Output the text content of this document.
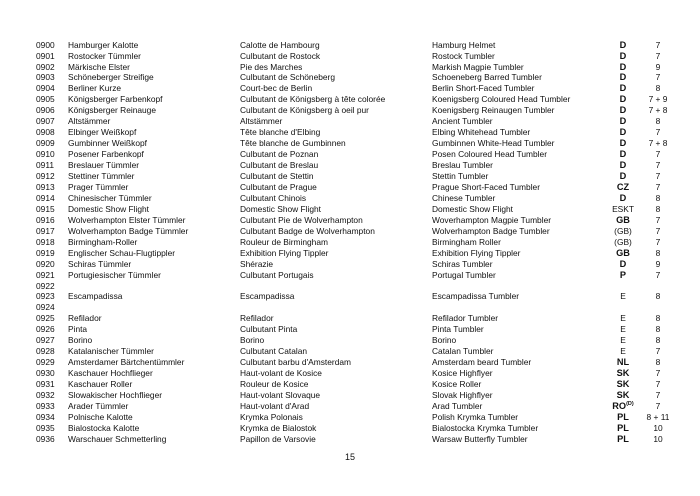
0900	Hamburger Kalotte	Calotte de Hambourg	Hamburg Helmet	D	7
0901	Rostocker Tümmler	Culbutant de Rostock	Rostock Tumbler	D	7
0902	Märkische Elster	Pie des Marches	Markish Magpie Tumbler	D	9
0903	Schöneberger Streifige	Culbutant de Schöneberg	Schoeneberg Barred Tumbler	D	7
0904	Berliner Kurze	Court-bec de Berlin	Berlin Short-Faced Tumbler	D	8
0905	Königsberger Farbenkopf	Culbutant de Königsberg à tête colorée	Koenigsberg Coloured Head Tumbler	D	7 + 9
0906	Königsberger Reinauge	Culbutant de Königsberg à oeil pur	Koenigsberg Reinaugen Tumbler	D	7 + 8
0907	Altstämmer	Altstämmer	Ancient Tumbler	D	8
0908	Elbinger Weißkopf	Tête blanche d'Elbing	Elbing Whitehead Tumbler	D	7
0909	Gumbinner Weißkopf	Tête blanche de Gumbinnen	Gumbinnen White-Head Tumbler	D	7 + 8
0910	Posener Farbenkopf	Culbutant de Poznan	Posen Coloured Head Tumbler	D	7
0911	Breslauer Tümmler	Culbutant de Breslau	Breslau Tumbler	D	7
0912	Stettiner Tümmler	Culbutant de Stettin	Stettin Tumbler	D	7
0913	Prager Tümmler	Culbutant de Prague	Prague Short-Faced Tumbler	CZ	7
0914	Chinesischer Tümmler	Culbutant Chinois	Chinese Tumbler	D	8
0915	Domestic Show Flight	Domestic Show Flight	Domestic Show Flight	ESKT	8
0916	Wolverhampton Elster Tümmler	Culbutant Pie de Wolverhampton	Woverhampton Magpie Tumbler	GB	7
0917	Wolverhampton Badge Tümmler	Culbutant Badge de Wolverhampton	Wolverhampton Badge Tumbler	(GB)	7
0918	Birmingham-Roller	Rouleur de Birmingham	Birmingham Roller	(GB)	7
0919	Englischer Schau-Flugtippler	Exhibition Flying Tippler	Exhibition Flying Tippler	GB	8
0920	Schiras Tümmler	Shérazie	Schiras Tumbler	D	9
0921	Portugiesischer Tümmler	Culbutant Portugais	Portugal Tumbler	P	7
0922
0923	Escampadissa	Escampadissa	Escampadissa Tumbler	E	8
0924
0925	Refilador	Refilador	Refilador Tumbler	E	8
0926	Pinta	Culbutant Pinta	Pinta Tumbler	E	8
0927	Borino	Borino	Borino	E	8
0928	Katalanischer Tümmler	Culbutant Catalan	Catalan Tumbler	E	7
0929	Amsterdamer Bärtchentümmler	Culbutant barbu d'Amsterdam	Amsterdam beard Tumbler	NL	8
0930	Kaschauer Hochflieger	Haut-volant de Kosice	Kosice Highflyer	SK	7
0931	Kaschauer Roller	Rouleur de Kosice	Kosice Roller	SK	7
0932	Slowakischer Hochflieger	Haut-volant Slovaque	Slovak Highflyer	SK	7
0933	Arader Tümmler	Haut-volant d'Arad	Arad Tumbler	$RO^{(D)}$	7
0934	Polnische Kalotte	Krymka Polonais	Polish Krymka Tumbler	PL	8 + 11
0935	Bialostocka Kalotte	Krymka de Bialostok	Bialostocka Krymka Tumbler	PL	10
0936	Warschauer Schmetterling	Papillon de Varsovie	Warsaw Butterfly Tumbler	PL	10
15
